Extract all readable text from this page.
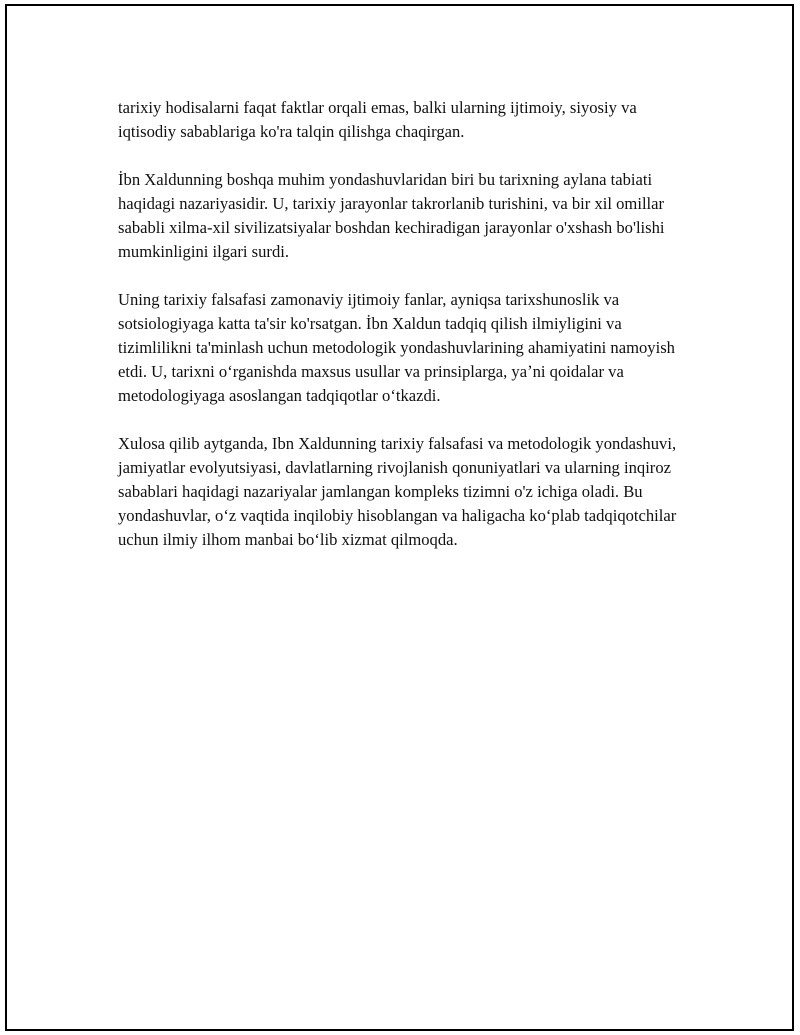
tarixiy hodisalarni faqat faktlar orqali emas, balki ularning ijtimoiy, siyosiy va iqtisodiy sabablariga ko'ra talqin qilishga chaqirgan.

İbn Xaldunning boshqa muhim yondashuvlaridan biri bu tarixning aylana tabiati haqidagi nazariyasidir. U, tarixiy jarayonlar takrorlanib turishini, va bir xil omillar sababli xilma-xil sivilizatsiyalar boshdan kechiradigan jarayonlar o'xshash bo'lishi mumkinligini ilgari surdi.

Uning tarixiy falsafasi zamonaviy ijtimoiy fanlar, ayniqsa tarixshunoslik va sotsiologiyaga katta ta'sir ko'rsatgan. İbn Xaldun tadqiq qilish ilmiyligini va tizimlilikni ta'minlash uchun metodologik yondashuvlarining ahamiyatini namoyish etdi. U, tarixni oʻrganishda maxsus usullar va prinsiplarga, yaʼni qoidalar va metodologiyaga asoslangan tadqiqotlar oʻtkazdi.

Xulosa qilib aytganda, Ibn Xaldunning tarixiy falsafasi va metodologik yondashuvi, jamiyatlar evolyutsiyasi, davlatlarning rivojlanish qonuniyatlari va ularning inqiroz sabablari haqidagi nazariyalar jamlangan kompleks tizimni o'z ichiga oladi. Bu yondashuvlar, oʻz vaqtida inqilobiy hisoblangan va haligacha koʻplab tadqiqotchilar uchun ilmiy ilhom manbai boʻlib xizmat qilmoqda.
